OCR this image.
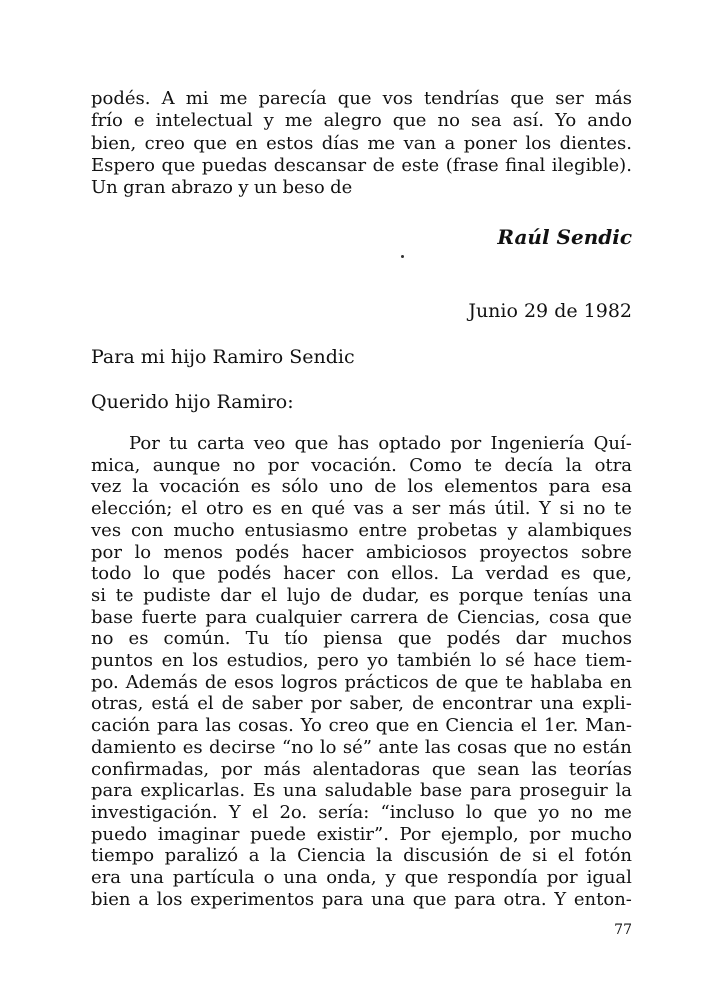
podés. A mi me parecía que vos tendrías que ser más
frío e intelectual y me alegro que no sea así. Yo ando
bien, creo que en estos días me van a poner los dientes.
Espero que puedas descansar de este (frase final ilegible).
Un gran abrazo y un beso de
Raúl Sendic
Junio 29 de 1982
Para mi hijo Ramiro Sendic
Querido hijo Ramiro:
Por tu carta veo que has optado por Ingeniería Quí-
mica, aunque no por vocación. Como te decía la otra
vez la vocación es sólo uno de los elementos para esa
elección; el otro es en qué vas a ser más útil. Y si no te
ves con mucho entusiasmo entre probetas y alambiques
por lo menos podés hacer ambiciosos proyectos sobre
todo lo que podés hacer con ellos. La verdad es que,
si te pudiste dar el lujo de dudar, es porque tenías una
base fuerte para cualquier carrera de Ciencias, cosa que
no es común. Tu tío piensa que podés dar muchos
puntos en los estudios, pero yo también lo sé hace tiem-
po. Además de esos logros prácticos de que te hablaba en
otras, está el de saber por saber, de encontrar una expli-
cación para las cosas. Yo creo que en Ciencia el 1er. Man-
damiento es decirse “no lo sé” ante las cosas que no están
confirmadas, por más alentadoras que sean las teorías
para explicarlas. Es una saludable base para proseguir la
investigación. Y el 2o. sería: “incluso lo que yo no me
puedo imaginar puede existir”. Por ejemplo, por mucho
tiempo paralizó a la Ciencia la discusión de si el fotón
era una partícula o una onda, y que respondía por igual
bien a los experimentos para una que para otra. Y enton-
77
